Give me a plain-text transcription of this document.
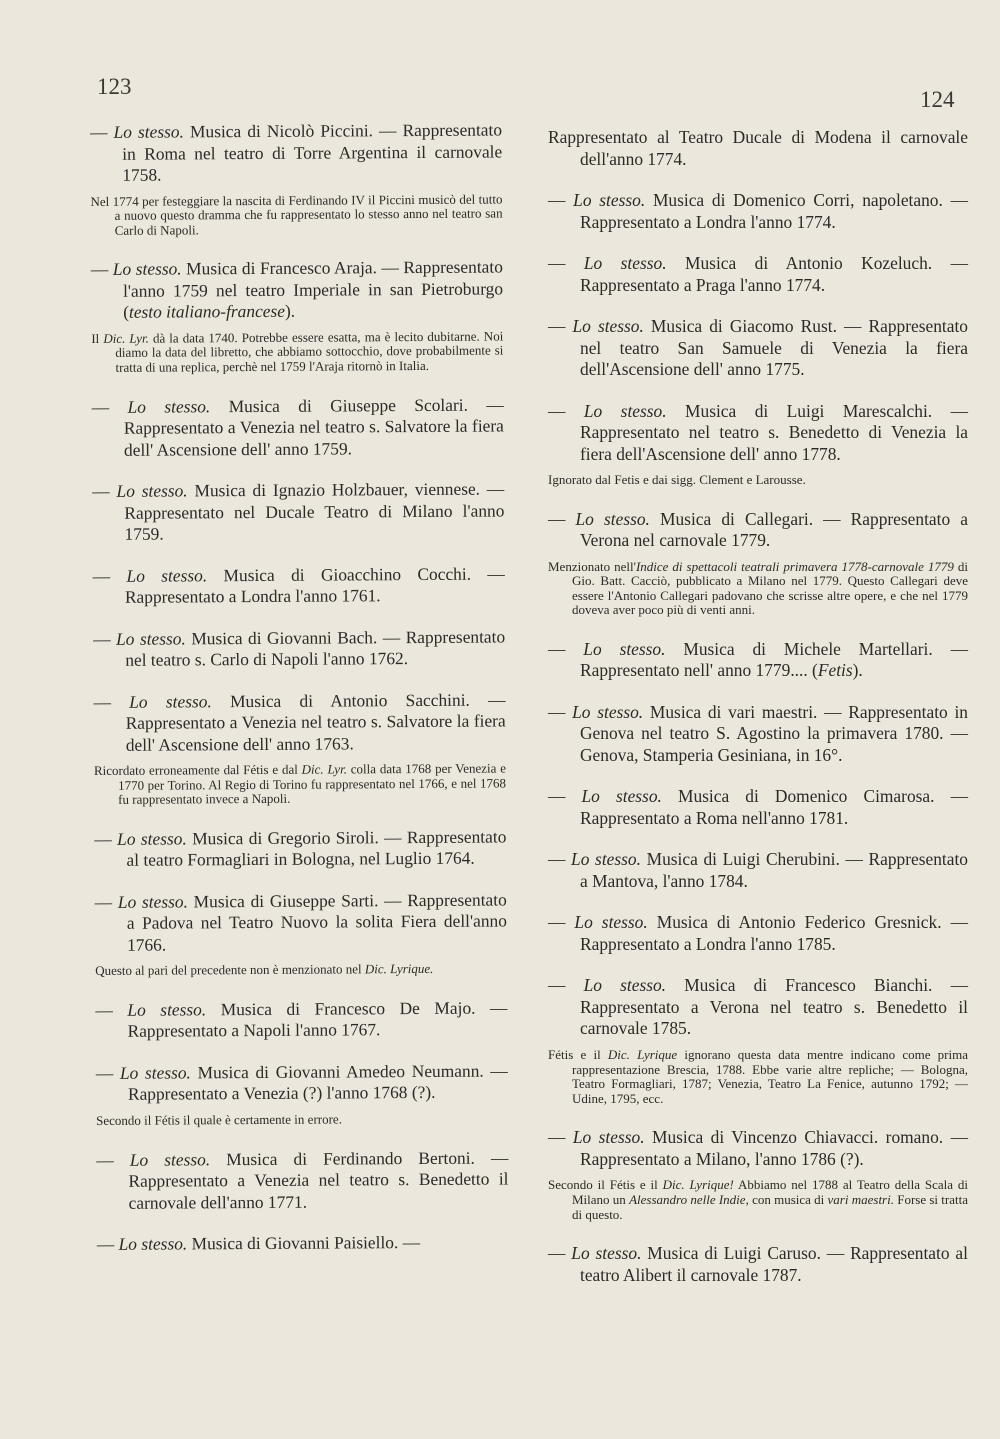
123
124
— Lo stesso. Musica di Nicolò Piccini. — Rappresentato in Roma nel teatro di Torre Argentina il carnovale 1758.
Nel 1774 per festeggiare la nascita di Ferdinando IV il Piccini musicò del tutto a nuovo questo dramma che fu rappresentato lo stesso anno nel teatro san Carlo di Napoli.
— Lo stesso. Musica di Francesco Araja. — Rappresentato l'anno 1759 nel teatro Imperiale in san Pietroburgo (testo italiano-francese).
Il Dic. Lyr. dà la data 1740. Potrebbe essere esatta, ma è lecito dubitarne. Noi diamo la data del libretto, che abbiamo sottocchio, dove probabilmente si tratta di una replica, perchè nel 1759 l'Araja ritornò in Italia.
— Lo stesso. Musica di Giuseppe Scolari. — Rappresentato a Venezia nel teatro s. Salvatore la fiera dell' Ascensione dell' anno 1759.
— Lo stesso. Musica di Ignazio Holzbauer, viennese. — Rappresentato nel Ducale Teatro di Milano l'anno 1759.
— Lo stesso. Musica di Gioacchino Cocchi. — Rappresentato a Londra l'anno 1761.
— Lo stesso. Musica di Giovanni Bach. — Rappresentato nel teatro s. Carlo di Napoli l'anno 1762.
— Lo stesso. Musica di Antonio Sacchini. — Rappresentato a Venezia nel teatro s. Salvatore la fiera dell' Ascensione dell' anno 1763.
Ricordato erroneamente dal Fétis e dal Dic. Lyr. colla data 1768 per Venezia e 1770 per Torino. Al Regio di Torino fu rappresentato nel 1766, e nel 1768 fu rappresentato invece a Napoli.
— Lo stesso. Musica di Gregorio Siroli. — Rappresentato al teatro Formagliari in Bologna, nel Luglio 1764.
— Lo stesso. Musica di Giuseppe Sarti. — Rappresentato a Padova nel Teatro Nuovo la solita Fiera dell'anno 1766.
Questo al pari del precedente non è menzionato nel Dic. Lyrique.
— Lo stesso. Musica di Francesco De Majo. — Rappresentato a Napoli l'anno 1767.
— Lo stesso. Musica di Giovanni Amedeo Neumann. — Rappresentato a Venezia (?) l'anno 1768 (?).
Secondo il Fétis il quale è certamente in errore.
— Lo stesso. Musica di Ferdinando Bertoni. — Rappresentato a Venezia nel teatro s. Benedetto il carnovale dell'anno 1771.
— Lo stesso. Musica di Giovanni Paisiello. —
Rappresentato al Teatro Ducale di Modena il carnovale dell'anno 1774.
— Lo stesso. Musica di Domenico Corri, napoletano. — Rappresentato a Londra l'anno 1774.
— Lo stesso. Musica di Antonio Kozeluch. — Rappresentato a Praga l'anno 1774.
— Lo stesso. Musica di Giacomo Rust. — Rappresentato nel teatro San Samuele di Venezia la fiera dell'Ascensione dell' anno 1775.
— Lo stesso. Musica di Luigi Marescalchi. — Rappresentato nel teatro s. Benedetto di Venezia la fiera dell'Ascensione dell' anno 1778.
Ignorato dal Fetis e dai sigg. Clement e Larousse.
— Lo stesso. Musica di Callegari. — Rappresentato a Verona nel carnovale 1779.
Menzionato nell'Indice di spettacoli teatrali primavera 1778-carnovale 1779 di Gio. Batt. Cacciò, pubblicato a Milano nel 1779. Questo Callegari deve essere l'Antonio Callegari padovano che scrisse altre opere, e che nel 1779 doveva aver poco più di venti anni.
— Lo stesso. Musica di Michele Martellari. — Rappresentato nell' anno 1779.... (Fetis).
— Lo stesso. Musica di vari maestri. — Rappresentato in Genova nel teatro S. Agostino la primavera 1780. — Genova, Stamperia Gesiniana, in 16°.
— Lo stesso. Musica di Domenico Cimarosa. — Rappresentato a Roma nell'anno 1781.
— Lo stesso. Musica di Luigi Cherubini. — Rappresentato a Mantova, l'anno 1784.
— Lo stesso. Musica di Antonio Federico Gresnick. — Rappresentato a Londra l'anno 1785.
— Lo stesso. Musica di Francesco Bianchi. — Rappresentato a Verona nel teatro s. Benedetto il carnovale 1785.
Fétis e il Dic. Lyrique ignorano questa data mentre indicano come prima rappresentazione Brescia, 1788. Ebbe varie altre repliche; — Bologna, Teatro Formagliari, 1787; Venezia, Teatro La Fenice, autunno 1792; — Udine, 1795, ecc.
— Lo stesso. Musica di Vincenzo Chiavacci. romano. — Rappresentato a Milano, l'anno 1786 (?).
Secondo il Fétis e il Dic. Lyrique! Abbiamo nel 1788 al Teatro della Scala di Milano un Alessandro nelle Indie, con musica di vari maestri. Forse si tratta di questo.
— Lo stesso. Musica di Luigi Caruso. — Rappresentato al teatro Alibert il carnovale 1787.
